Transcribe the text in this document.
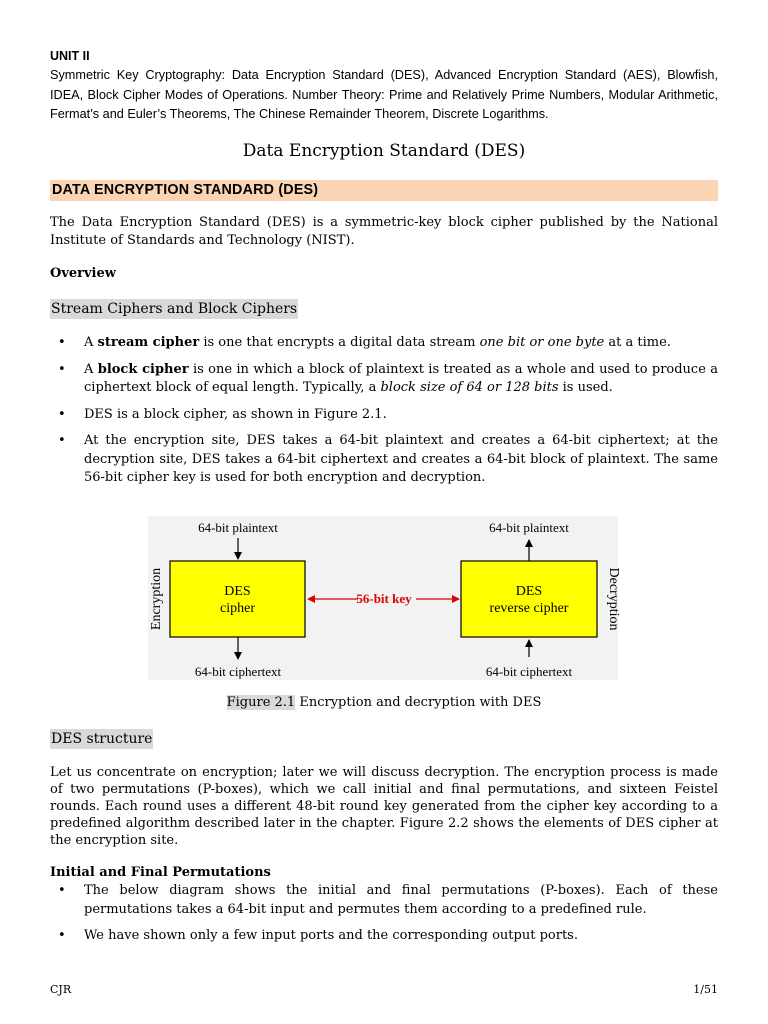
UNIT II
Symmetric Key Cryptography: Data Encryption Standard (DES), Advanced Encryption Standard (AES), Blowfish, IDEA, Block Cipher Modes of Operations. Number Theory: Prime and Relatively Prime Numbers, Modular Arithmetic, Fermat’s and Euler’s Theorems, The Chinese Remainder Theorem, Discrete Logarithms.
Data Encryption Standard (DES)
DATA ENCRYPTION STANDARD (DES)
The Data Encryption Standard (DES) is a symmetric-key block cipher published by the National Institute of Standards and Technology (NIST).
Overview
Stream Ciphers and Block Ciphers
• A stream cipher is one that encrypts a digital data stream one bit or one byte at a time.
• A block cipher is one in which a block of plaintext is treated as a whole and used to produce a ciphertext block of equal length. Typically, a block size of 64 or 128 bits is used.
• DES is a block cipher, as shown in Figure 2.1.
• At the encryption site, DES takes a 64-bit plaintext and creates a 64-bit ciphertext; at the decryption site, DES takes a 64-bit ciphertext and creates a 64-bit block of plaintext. The same 56-bit cipher key is used for both encryption and decryption.
64-bit plaintext
DES
cipher
64-bit ciphertext
Encryption	56-bit key
64-bit plaintext
DES
reverse cipher
64-bit ciphertext
Decryption
Figure 2.1 Encryption and decryption with DES
DES structure
Let us concentrate on encryption; later we will discuss decryption. The encryption process is made of two permutations (P-boxes), which we call initial and final permutations, and sixteen Feistel rounds. Each round uses a different 48-bit round key generated from the cipher key according to a predefined algorithm described later in the chapter. Figure 2.2 shows the elements of DES cipher at the encryption site.
Initial and Final Permutations
• The below diagram shows the initial and final permutations (P-boxes). Each of these permutations takes a 64-bit input and permutes them according to a predefined rule.
• We have shown only a few input ports and the corresponding output ports.
CJR	1/51
